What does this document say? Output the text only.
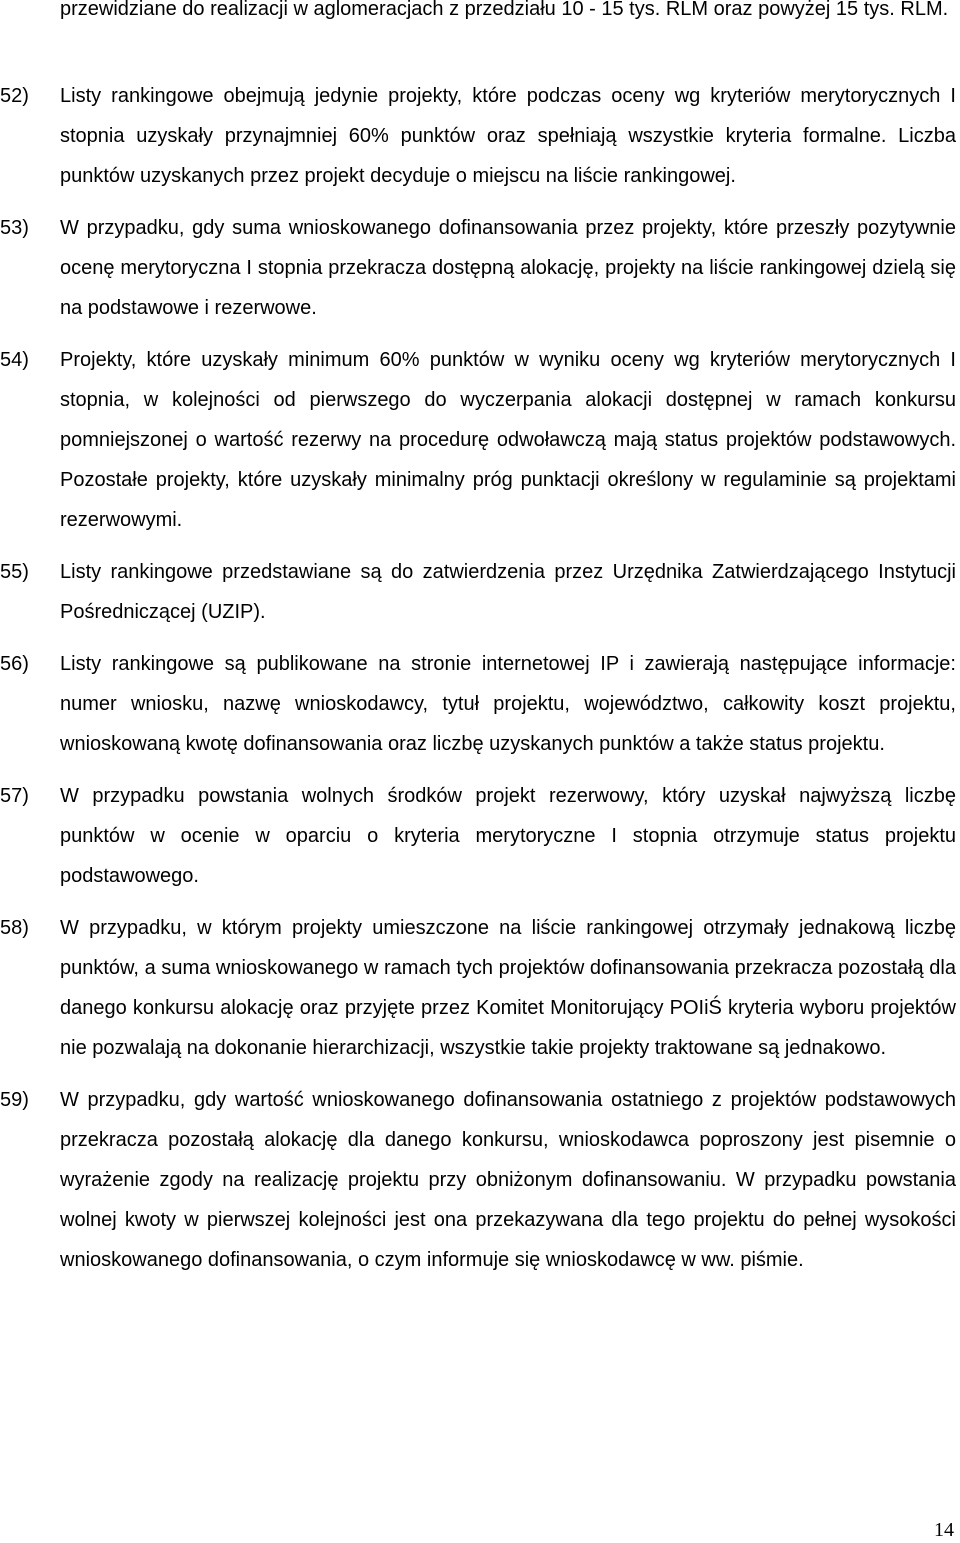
przewidziane do realizacji w aglomeracjach z przedziału 10 - 15 tys. RLM oraz powyżej 15 tys. RLM.

52)	Listy rankingowe obejmują jedynie projekty, które podczas oceny wg kryteriów merytorycznych I stopnia uzyskały przynajmniej 60% punktów oraz spełniają wszystkie kryteria formalne. Liczba punktów uzyskanych przez projekt decyduje o miejscu na liście rankingowej.
53)	W przypadku, gdy suma wnioskowanego dofinansowania przez projekty, które przeszły pozytywnie ocenę merytoryczna I stopnia przekracza dostępną alokację, projekty na liście rankingowej dzielą się na podstawowe i rezerwowe.
54)	Projekty, które uzyskały minimum 60% punktów w wyniku oceny wg kryteriów merytorycznych I stopnia, w kolejności od pierwszego do wyczerpania alokacji dostępnej w ramach konkursu pomniejszonej o wartość rezerwy na procedurę odwoławczą mają status projektów podstawowych. Pozostałe projekty, które uzyskały minimalny próg punktacji określony w regulaminie są projektami rezerwowymi.
55)	Listy rankingowe przedstawiane są do zatwierdzenia przez Urzędnika Zatwierdzającego Instytucji Pośredniczącej (UZIP).
56)	Listy rankingowe są publikowane na stronie internetowej IP i zawierają następujące informacje: numer wniosku, nazwę wnioskodawcy, tytuł projektu, województwo, całkowity koszt projektu, wnioskowaną kwotę dofinansowania oraz liczbę uzyskanych punktów a także status projektu.
57)	W przypadku powstania wolnych środków projekt rezerwowy, który uzyskał najwyższą liczbę punktów w ocenie w oparciu o kryteria merytoryczne I stopnia otrzymuje status projektu podstawowego.
58)	W przypadku, w którym projekty umieszczone na liście rankingowej otrzymały jednakową liczbę punktów, a suma wnioskowanego w ramach tych projektów dofinansowania przekracza pozostałą dla danego konkursu alokację oraz przyjęte przez Komitet Monitorujący POIiŚ kryteria wyboru projektów nie pozwalają na dokonanie hierarchizacji, wszystkie takie projekty traktowane są jednakowo.
59)	W przypadku, gdy wartość wnioskowanego dofinansowania ostatniego z projektów podstawowych przekracza pozostałą alokację dla danego konkursu, wnioskodawca poproszony jest pisemnie o wyrażenie zgody na realizację projektu przy obniżonym dofinansowaniu. W przypadku powstania wolnej kwoty w pierwszej kolejności jest ona przekazywana dla tego projektu do pełnej wysokości wnioskowanego dofinansowania, o czym informuje się wnioskodawcę w ww. piśmie.
14
